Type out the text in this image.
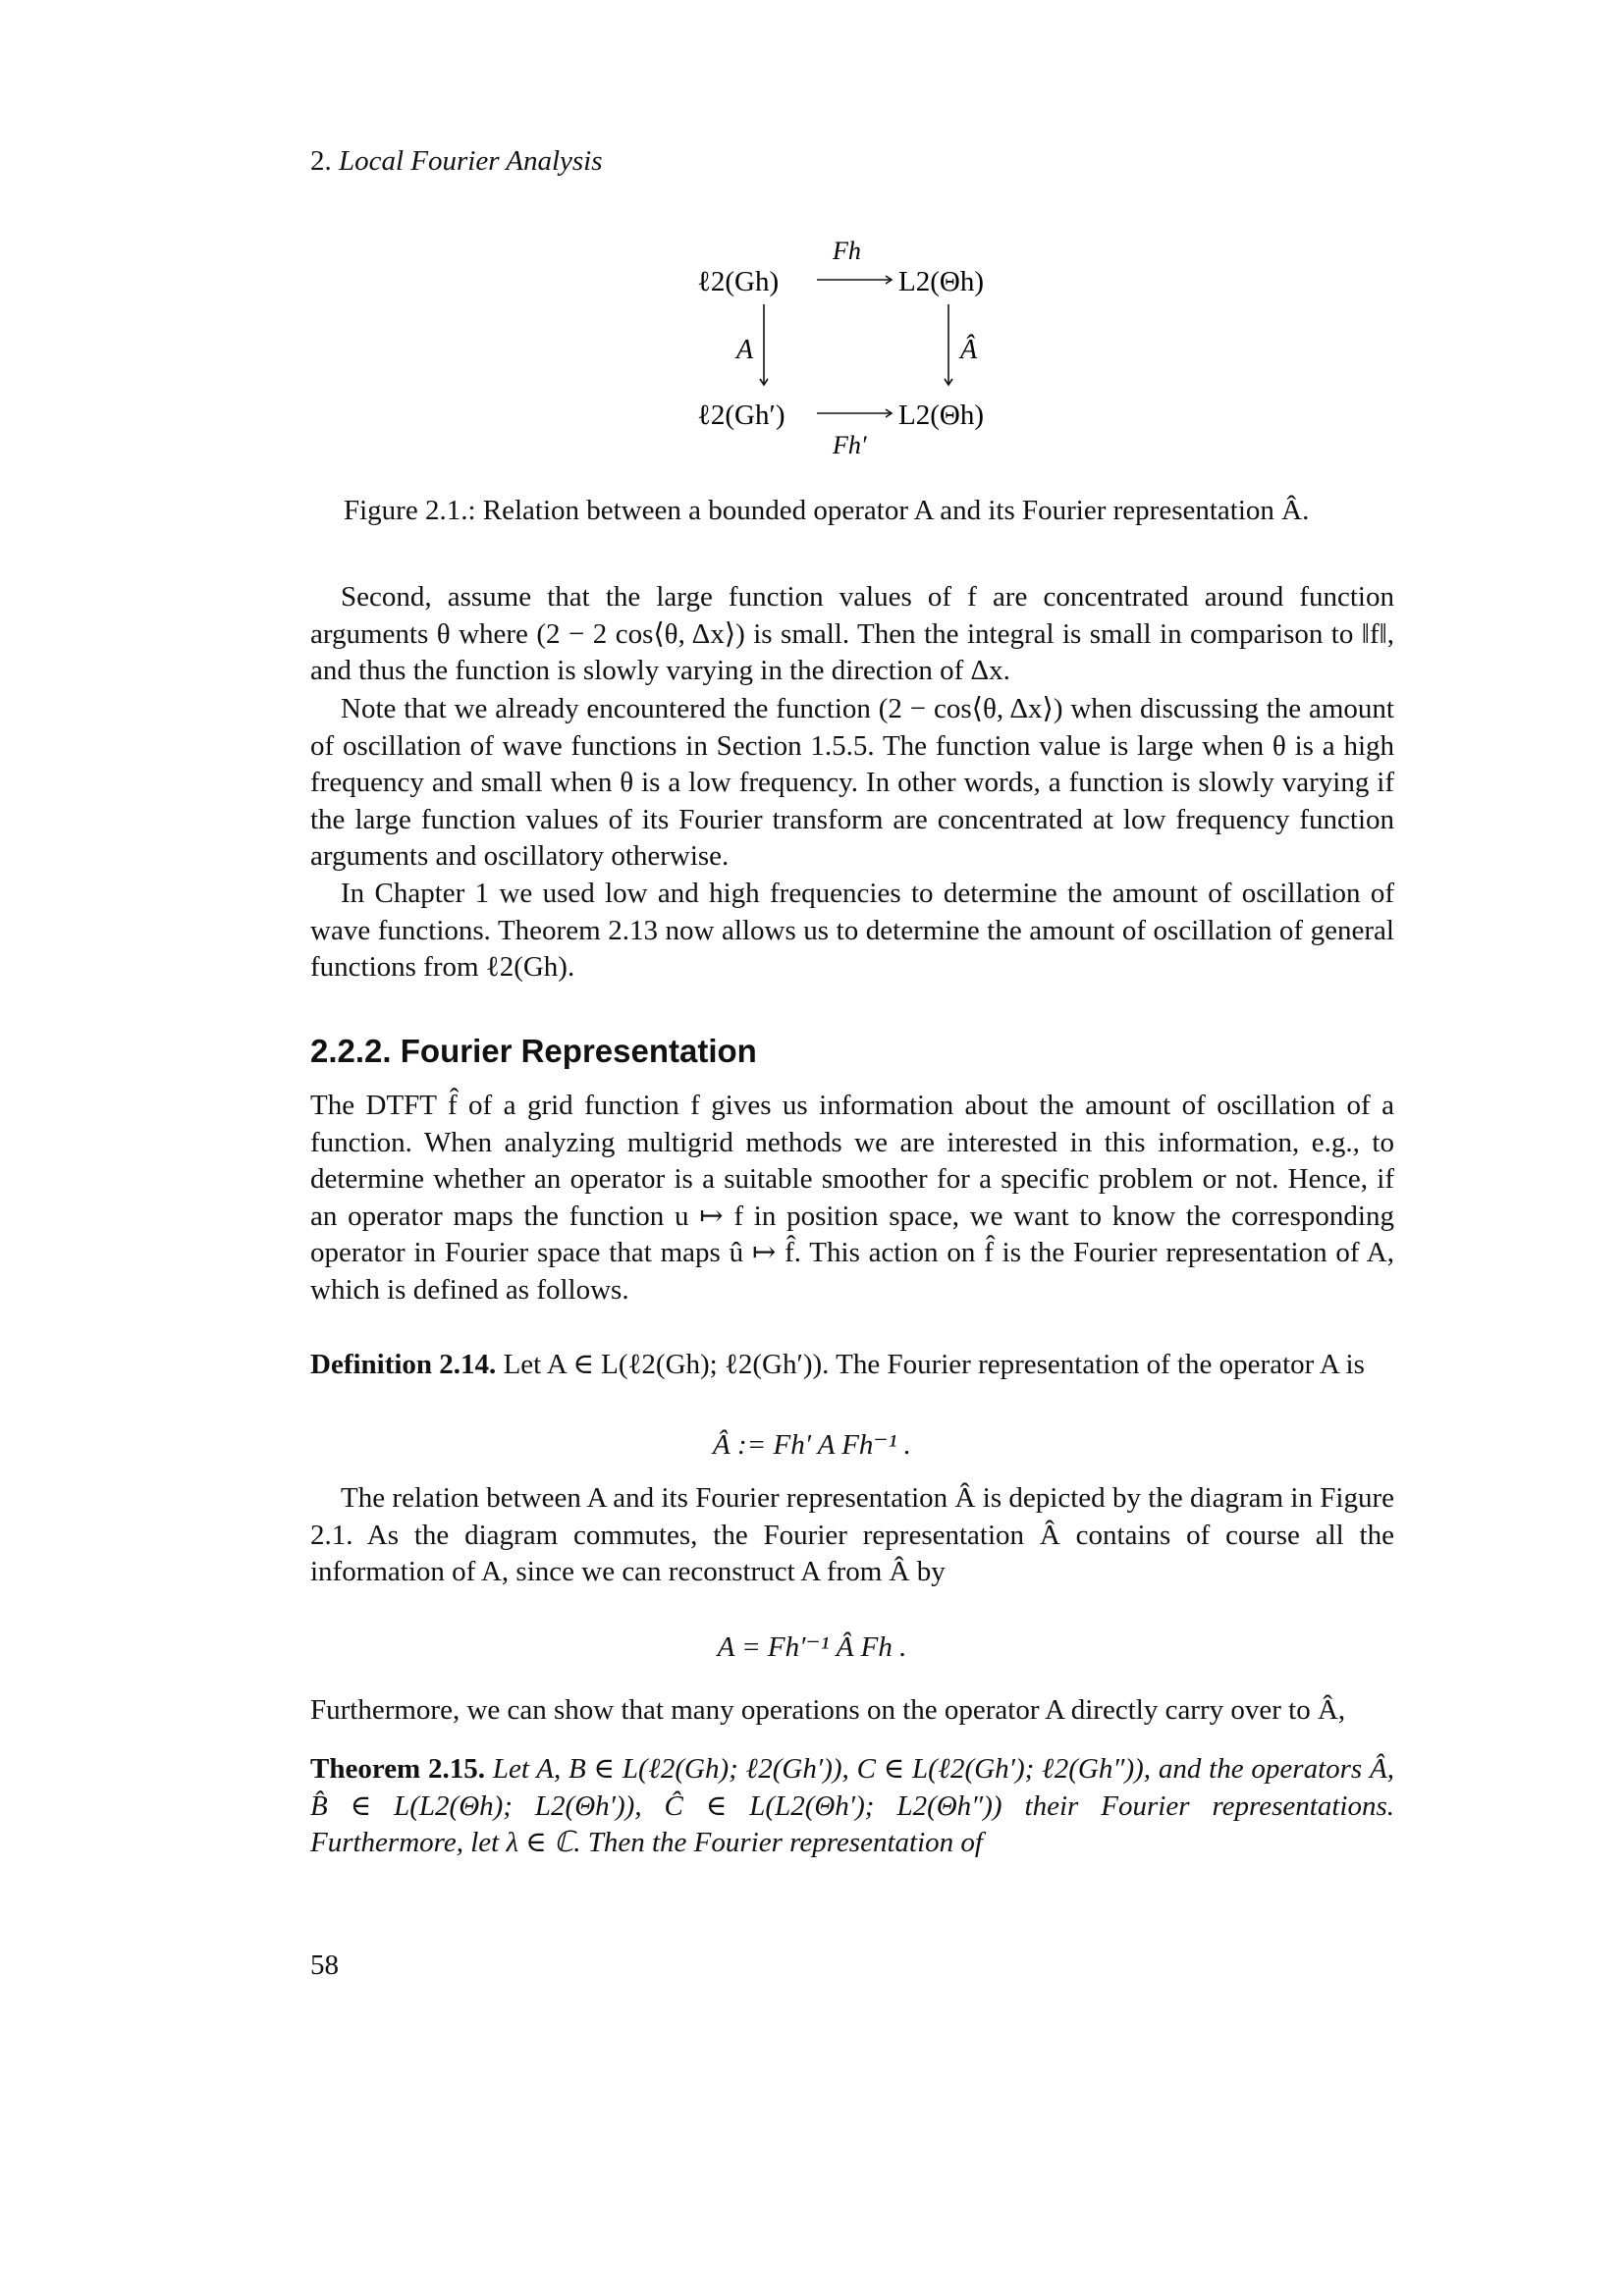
2. Local Fourier Analysis
ℓ2(Gh)	L2(Θh)
ℓ2(Gh′)	L2(Θh)
Fh
Fh′
A	Â
Figure 2.1.: Relation between a bounded operator A and its Fourier representation Â.

Second, assume that the large function values of f are concentrated around function arguments θ where (2 − 2 cos⟨θ, Δx⟩) is small. Then the integral is small in comparison to ‖f‖, and thus the function is slowly varying in the direction of Δx.

Note that we already encountered the function (2 − cos⟨θ, Δx⟩) when discussing the amount of oscillation of wave functions in Section 1.5.5. The function value is large when θ is a high frequency and small when θ is a low frequency. In other words, a function is slowly varying if the large function values of its Fourier transform are concentrated at low frequency function arguments and oscillatory otherwise.

In Chapter 1 we used low and high frequencies to determine the amount of oscillation of wave functions. Theorem 2.13 now allows us to determine the amount of oscillation of general functions from ℓ2(Gh).

2.2.2. Fourier Representation

The DTFT f̂ of a grid function f gives us information about the amount of oscillation of a function. When analyzing multigrid methods we are interested in this information, e.g., to determine whether an operator is a suitable smoother for a specific problem or not. Hence, if an operator maps the function u ↦ f in position space, we want to know the corresponding operator in Fourier space that maps û ↦ f̂. This action on f̂ is the Fourier representation of A, which is defined as follows.

Definition 2.14. Let A ∈ L(ℓ2(Gh); ℓ2(Gh′)). The Fourier representation of the operator A is
Â := Fh′ A Fh⁻¹ .

The relation between A and its Fourier representation Â is depicted by the diagram in Figure 2.1. As the diagram commutes, the Fourier representation Â contains of course all the information of A, since we can reconstruct A from Â by

A = Fh′⁻¹ Â Fh .

Furthermore, we can show that many operations on the operator A directly carry over to Â,

Theorem 2.15. Let A, B ∈ L(ℓ2(Gh); ℓ2(Gh′)), C ∈ L(ℓ2(Gh′); ℓ2(Gh″)), and the operators Â, B̂ ∈ L(L2(Θh); L2(Θh′)), Ĉ ∈ L(L2(Θh′); L2(Θh″)) their Fourier representations. Furthermore, let λ ∈ ℂ. Then the Fourier representation of
58
